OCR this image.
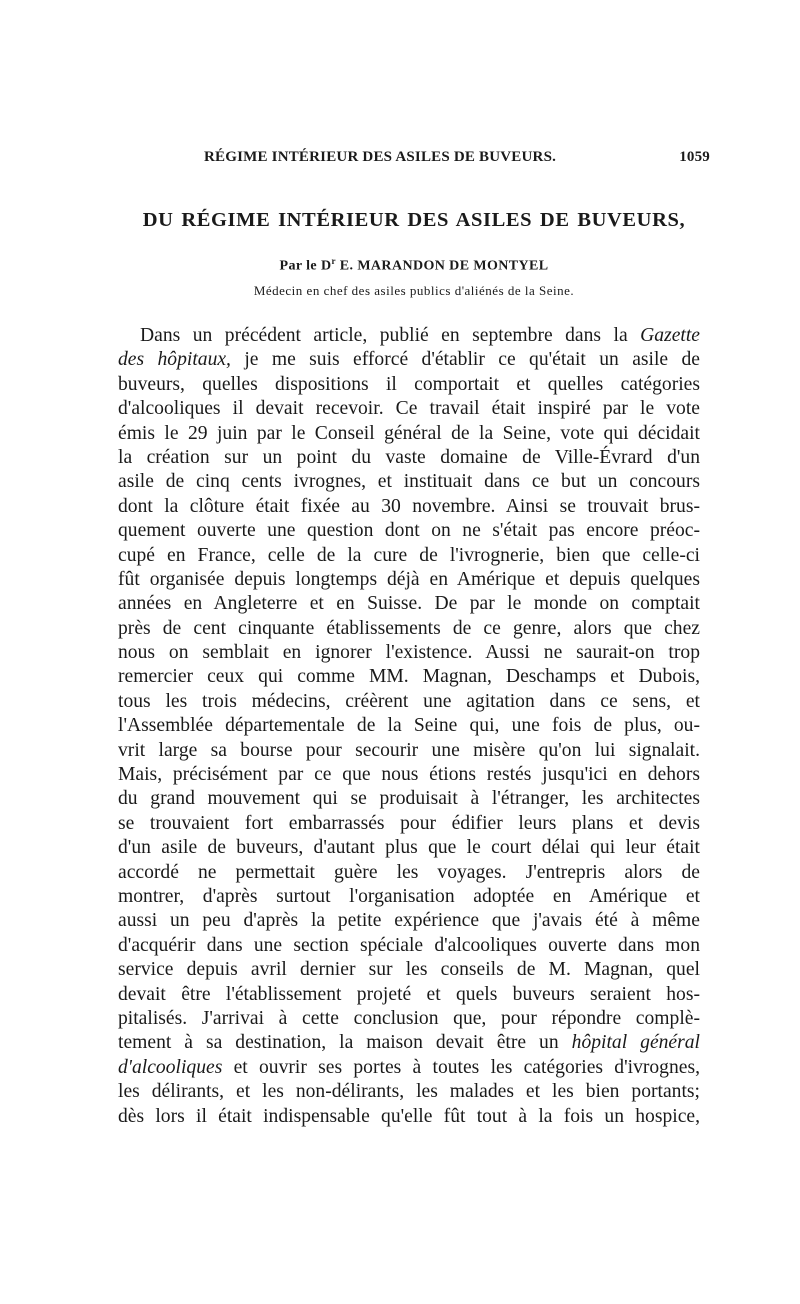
RÉGIME INTÉRIEUR DES ASILES DE BUVEURS.	1059
DU RÉGIME INTÉRIEUR DES ASILES DE BUVEURS,
Par le $D^r$ E. MARANDON DE MONTYEL
Médecin en chef des asiles publics d'aliénés de la Seine.
Dans un précédent article, publié en septembre dans la Gazette
des hôpitaux, je me suis efforcé d'établir ce qu'était un asile de
buveurs, quelles dispositions il comportait et quelles catégories
d'alcooliques il devait recevoir. Ce travail était inspiré par le vote
émis le 29 juin par le Conseil général de la Seine, vote qui décidait
la création sur un point du vaste domaine de Ville-Évrard d'un
asile de cinq cents ivrognes, et instituait dans ce but un concours
dont la clôture était fixée au 30 novembre. Ainsi se trouvait brus-
quement ouverte une question dont on ne s'était pas encore préoc-
cupé en France, celle de la cure de l'ivrognerie, bien que celle-ci
fût organisée depuis longtemps déjà en Amérique et depuis quelques
années en Angleterre et en Suisse. De par le monde on comptait
près de cent cinquante établissements de ce genre, alors que chez
nous on semblait en ignorer l'existence. Aussi ne saurait-on trop
remercier ceux qui comme MM. Magnan, Deschamps et Dubois,
tous les trois médecins, créèrent une agitation dans ce sens, et
l'Assemblée départementale de la Seine qui, une fois de plus, ou-
vrit large sa bourse pour secourir une misère qu'on lui signalait.
Mais, précisément par ce que nous étions restés jusqu'ici en dehors
du grand mouvement qui se produisait à l'étranger, les architectes
se trouvaient fort embarrassés pour édifier leurs plans et devis
d'un asile de buveurs, d'autant plus que le court délai qui leur était
accordé ne permettait guère les voyages. J'entrepris alors de
montrer, d'après surtout l'organisation adoptée en Amérique et
aussi un peu d'après la petite expérience que j'avais été à même
d'acquérir dans une section spéciale d'alcooliques ouverte dans mon
service depuis avril dernier sur les conseils de M. Magnan, quel
devait être l'établissement projeté et quels buveurs seraient hos-
pitalisés. J'arrivai à cette conclusion que, pour répondre complè-
tement à sa destination, la maison devait être un hôpital général
d'alcooliques et ouvrir ses portes à toutes les catégories d'ivrognes,
les délirants, et les non-délirants, les malades et les bien portants;
dès lors il était indispensable qu'elle fût tout à la fois un hospice,
